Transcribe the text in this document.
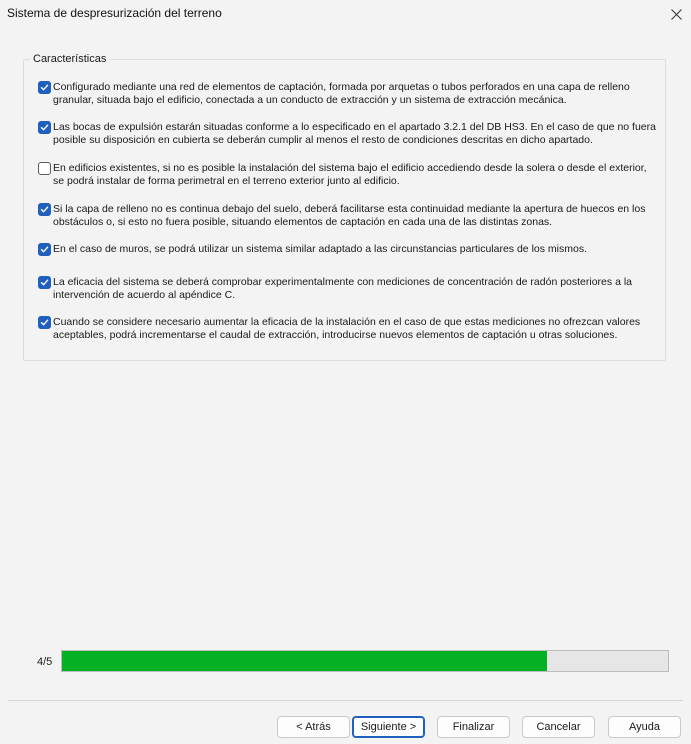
Sistema de despresurización del terreno
Características
Configurado mediante una red de elementos de captación, formada por arquetas o tubos perforados en una capa de relleno granular, situada bajo el edificio, conectada a un conducto de extracción y un sistema de extracción mecánica.
Las bocas de expulsión estarán situadas conforme a lo especificado en el apartado 3.2.1 del DB HS3. En el caso de que no fuera posible su disposición en cubierta se deberán cumplir al menos el resto de condiciones descritas en dicho apartado.
En edificios existentes, si no es posible la instalación del sistema bajo el edificio accediendo desde la solera o desde el exterior, se podrá instalar de forma perimetral en el terreno exterior junto al edificio.
Si la capa de relleno no es continua debajo del suelo, deberá facilitarse esta continuidad mediante la apertura de huecos en los obstáculos o, si esto no fuera posible, situando elementos de captación en cada una de las distintas zonas.
En el caso de muros, se podrá utilizar un sistema similar adaptado a las circunstancias particulares de los mismos.
La eficacia del sistema se deberá comprobar experimentalmente con mediciones de concentración de radón posteriores a la intervención de acuerdo al apéndice C.
Cuando se considere necesario aumentar la eficacia de la instalación en el caso de que estas mediciones no ofrezcan valores aceptables, podrá incrementarse el caudal de extracción, introducirse nuevos elementos de captación u otras soluciones.
4/5
< Atrás	Siguiente >	Finalizar	Cancelar	Ayuda
